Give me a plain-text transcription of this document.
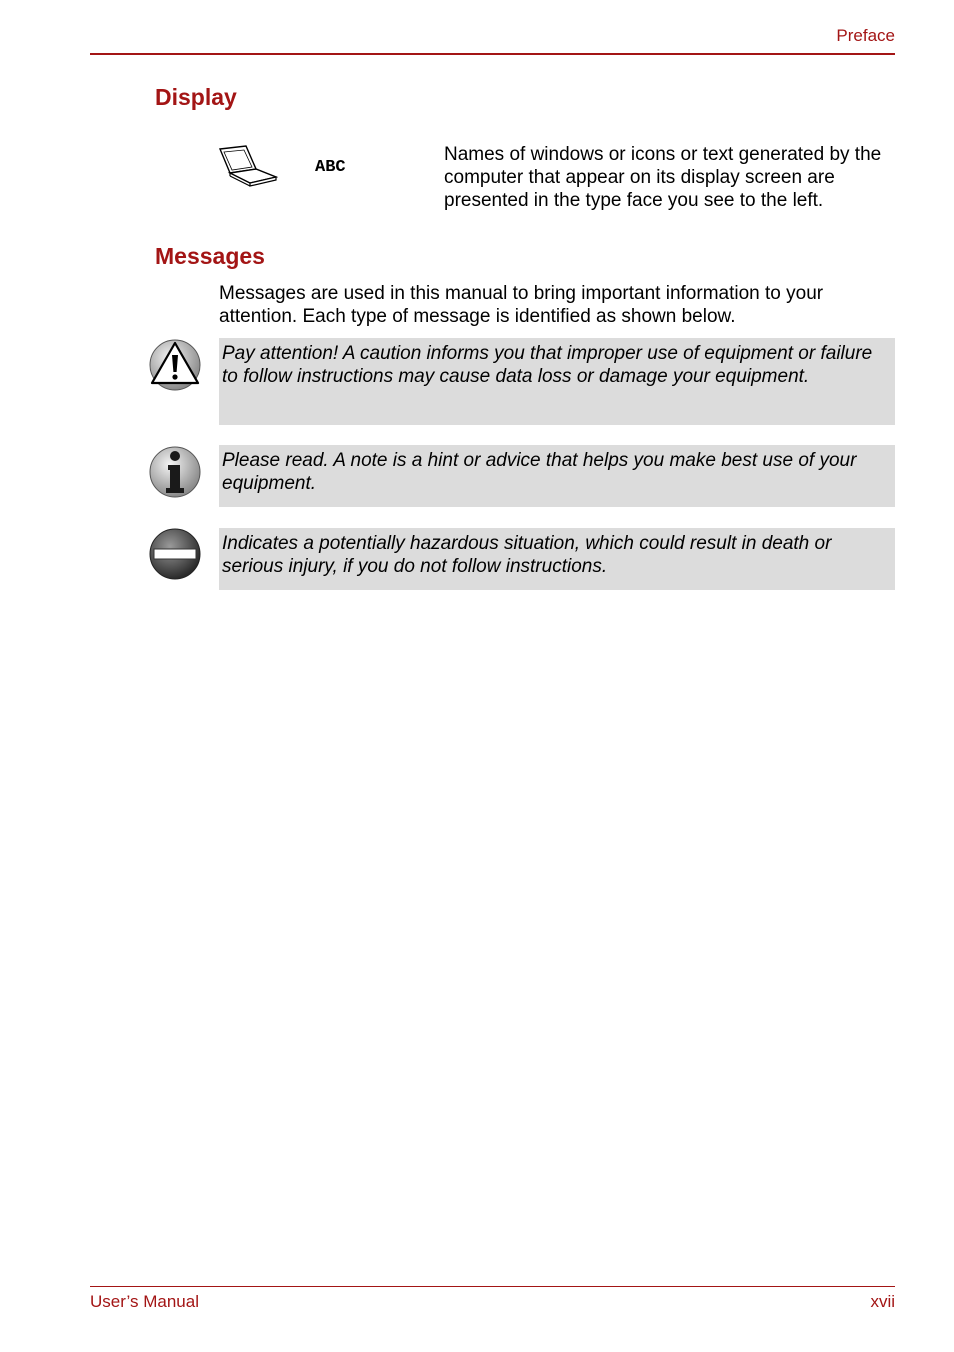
Preface
Display
ABC
Names of windows or icons or text generated by the computer that appear on its display screen are presented in the type face you see to the left.
Messages
Messages are used in this manual to bring important information to your attention. Each type of message is identified as shown below.
Pay attention! A caution informs you that improper use of equipment or failure to follow instructions may cause data loss or damage your equipment.
Please read. A note is a hint or advice that helps you make best use of your equipment.
Indicates a potentially hazardous situation, which could result in death or serious injury, if you do not follow instructions.
User’s Manual	xvii
